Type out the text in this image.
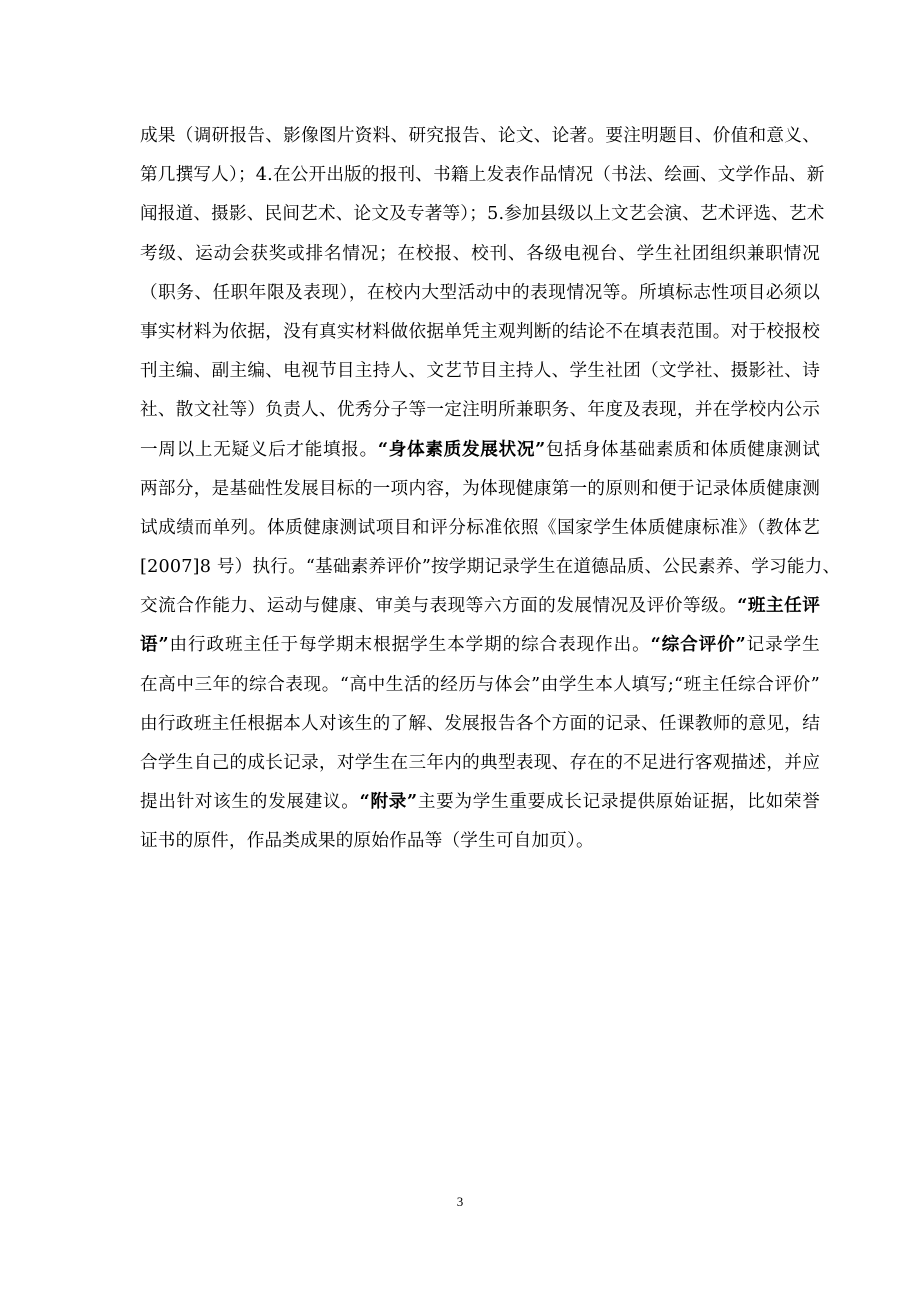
成果（调研报告、影像图片资料、研究报告、论文、论著。要注明题目、价值和意义、
第几撰写人）；4.在公开出版的报刊、书籍上发表作品情况（书法、绘画、文学作品、新
闻报道、摄影、民间艺术、论文及专著等）；5.参加县级以上文艺会演、艺术评选、艺术
考级、运动会获奖或排名情况；在校报、校刊、各级电视台、学生社团组织兼职情况
（职务、任职年限及表现），在校内大型活动中的表现情况等。所填标志性项目必须以
事实材料为依据，没有真实材料做依据单凭主观判断的结论不在填表范围。对于校报校
刊主编、副主编、电视节目主持人、文艺节目主持人、学生社团（文学社、摄影社、诗
社、散文社等）负责人、优秀分子等一定注明所兼职务、年度及表现，并在学校内公示
一周以上无疑义后才能填报。“身体素质发展状况”包括身体基础素质和体质健康测试
两部分，是基础性发展目标的一项内容，为体现健康第一的原则和便于记录体质健康测
试成绩而单列。体质健康测试项目和评分标准依照《国家学生体质健康标准》（教体艺
[2007]8 号）执行。“基础素养评价”按学期记录学生在道德品质、公民素养、学习能力、
交流合作能力、运动与健康、审美与表现等六方面的发展情况及评价等级。“班主任评
语”由行政班主任于每学期末根据学生本学期的综合表现作出。“综合评价”记录学生
在高中三年的综合表现。“高中生活的经历与体会”由学生本人填写;“班主任综合评价”
由行政班主任根据本人对该生的了解、发展报告各个方面的记录、任课教师的意见，结
合学生自己的成长记录，对学生在三年内的典型表现、存在的不足进行客观描述，并应
提出针对该生的发展建议。“附录”主要为学生重要成长记录提供原始证据，比如荣誉
证书的原件，作品类成果的原始作品等（学生可自加页）。
3
